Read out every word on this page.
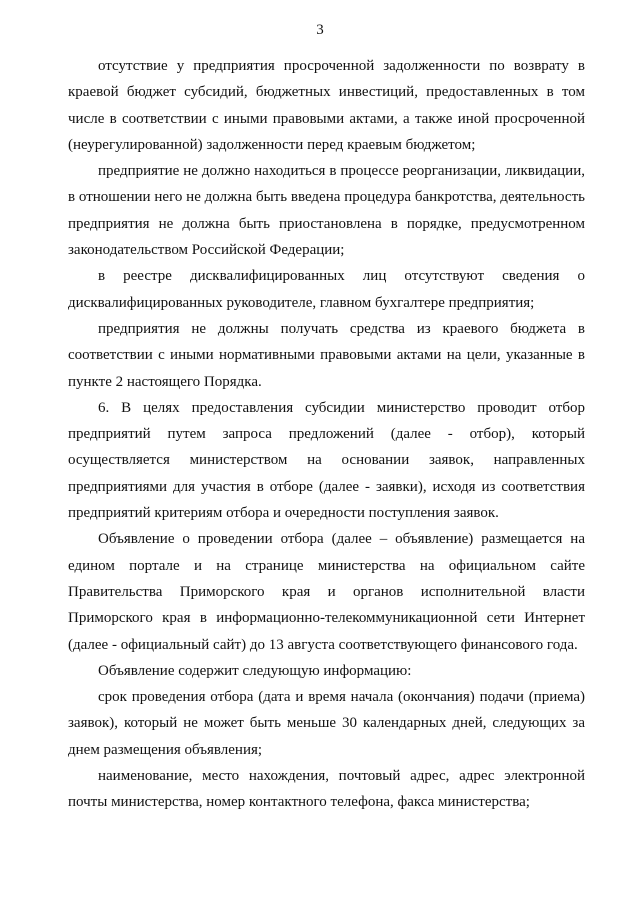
3

отсутствие у предприятия просроченной задолженности по возврату в краевой бюджет субсидий, бюджетных инвестиций, предоставленных в том числе в соответствии с иными правовыми актами, а также иной просроченной (неурегулированной) задолженности перед краевым бюджетом;

предприятие не должно находиться в процессе реорганизации, ликвидации, в отношении него не должна быть введена процедура банкротства, деятельность предприятия не должна быть приостановлена в порядке, предусмотренном законодательством Российской Федерации;

в реестре дисквалифицированных лиц отсутствуют сведения о дисквалифицированных руководителе, главном бухгалтере предприятия;

предприятия не должны получать средства из краевого бюджета в соответствии с иными нормативными правовыми актами на цели, указанные в пункте 2 настоящего Порядка.

6. В целях предоставления субсидии министерство проводит отбор предприятий путем запроса предложений (далее - отбор), который осуществляется министерством на основании заявок, направленных предприятиями для участия в отборе (далее - заявки), исходя из соответствия предприятий критериям отбора и очередности поступления заявок.

Объявление о проведении отбора (далее – объявление) размещается на едином портале и на странице министерства на официальном сайте Правительства Приморского края и органов исполнительной власти Приморского края в информационно-телекоммуникационной сети Интернет (далее - официальный сайт) до 13 августа соответствующего финансового года.

Объявление содержит следующую информацию:

срок проведения отбора (дата и время начала (окончания) подачи (приема) заявок), который не может быть меньше 30 календарных дней, следующих за днем размещения объявления;

наименование, место нахождения, почтовый адрес, адрес электронной почты министерства, номер контактного телефона, факса министерства;
